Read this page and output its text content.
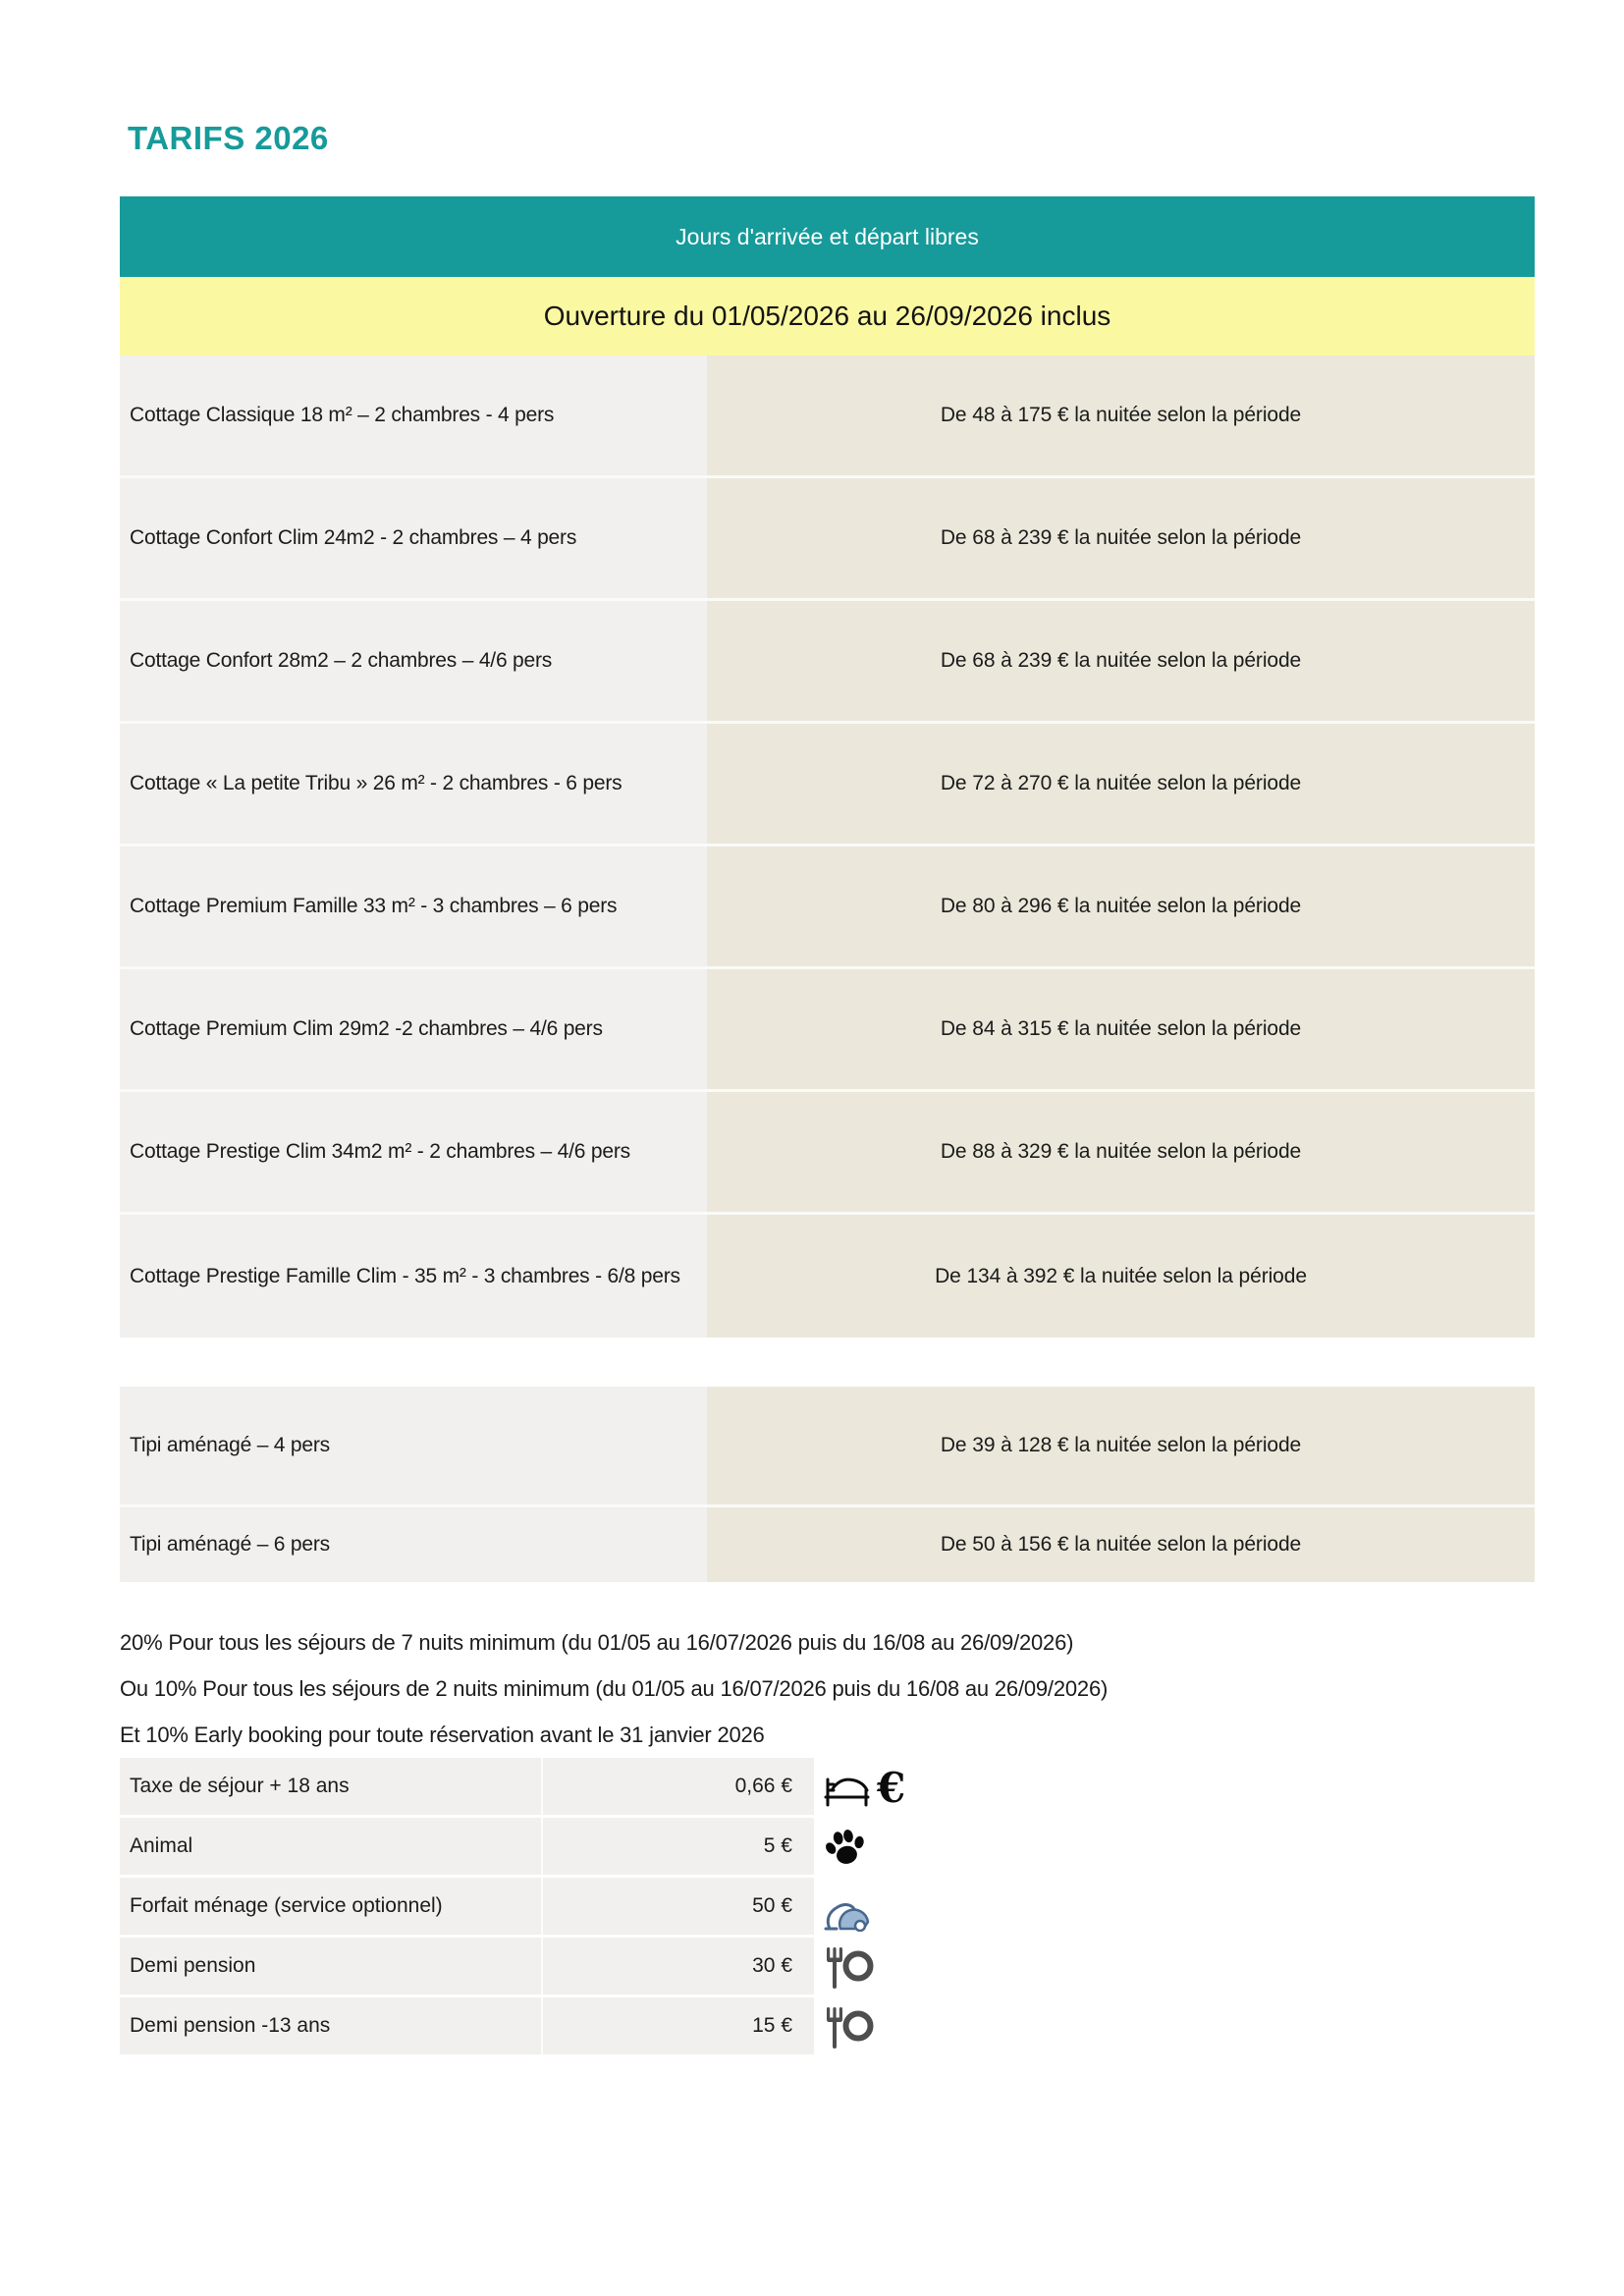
TARIFS 2026
Jours d'arrivée et départ libres
Ouverture du 01/05/2026 au 26/09/2026 inclus
Cottage Classique 18 m² – 2 chambres - 4 pers	De 48 à 175 € la nuitée selon la période
Cottage Confort Clim 24m2 - 2 chambres – 4 pers	De 68 à 239 € la nuitée selon la période
Cottage Confort 28m2 – 2 chambres – 4/6 pers	De 68 à 239 € la nuitée selon la période
Cottage « La petite Tribu » 26 m² - 2 chambres - 6 pers	De 72 à 270 € la nuitée selon la période
Cottage Premium Famille 33 m² - 3 chambres – 6 pers	De 80 à 296 € la nuitée selon la période
Cottage Premium Clim 29m2 -2 chambres – 4/6 pers	De 84 à 315 € la nuitée selon la période
Cottage Prestige Clim 34m2 m² - 2 chambres – 4/6 pers	De 88 à 329 € la nuitée selon la période
Cottage Prestige Famille Clim - 35 m² - 3 chambres - 6/8 pers	De 134 à 392 € la nuitée selon la période
Tipi aménagé – 4 pers	De 39 à 128 € la nuitée selon la période
Tipi aménagé – 6 pers	De 50 à 156 € la nuitée selon la période
20% Pour tous les séjours de 7 nuits minimum (du 01/05 au 16/07/2026 puis du 16/08 au 26/09/2026)
Ou 10% Pour tous les séjours de 2 nuits minimum (du 01/05 au 16/07/2026 puis du 16/08 au 26/09/2026)
Et 10% Early booking pour toute réservation avant le 31 janvier 2026
Taxe de séjour + 18 ans	0,66 €
Animal	5 €
Forfait ménage (service optionnel)	50 €
Demi pension	30 €
Demi pension -13 ans	15 €
€
